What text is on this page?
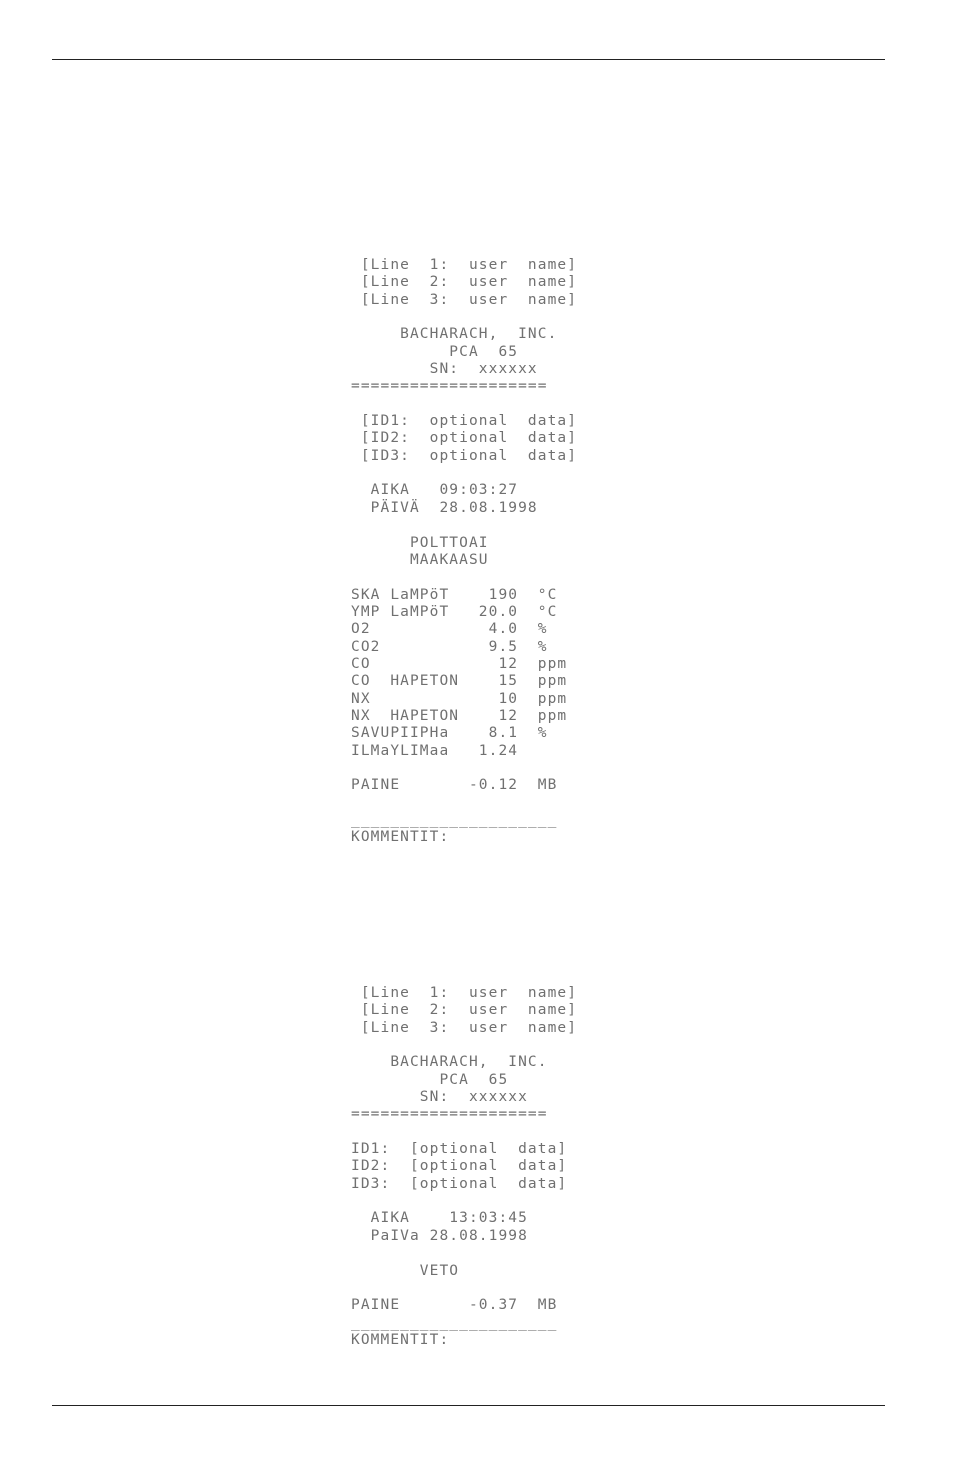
[Line  1:  user  name]
[Line  2:  user  name]
[Line  3:  user  name]

BACHARACH,  INC.
PCA  65
SN:  xxxxxx
====================

[ID1:  optional  data]
[ID2:  optional  data]
[ID3:  optional  data]

AIKA   09:03:27
PÄIVÄ  28.08.1998

POLTTOAI
MAAKAASU

SKA LaMPöT    190  °C
YMP LaMPöT   20.0  °C
O2            4.0  %
CO2           9.5  %
CO             12  ppm
CO  HAPETON    15  ppm
NX             10  ppm
NX  HAPETON    12  ppm
SAVUPIIPHa    8.1  %
ILMaYLIMaa   1.24

PAINE       -0.12  MB

_____________________
KOMMENTIT:
[Line  1:  user  name]
[Line  2:  user  name]
[Line  3:  user  name]

BACHARACH,  INC.
PCA  65
SN:  xxxxxx
====================

ID1:  [optional  data]
ID2:  [optional  data]
ID3:  [optional  data]

AIKA    13:03:45
PaIVa 28.08.1998

VETO

PAINE       -0.37  MB
_____________________
KOMMENTIT:
